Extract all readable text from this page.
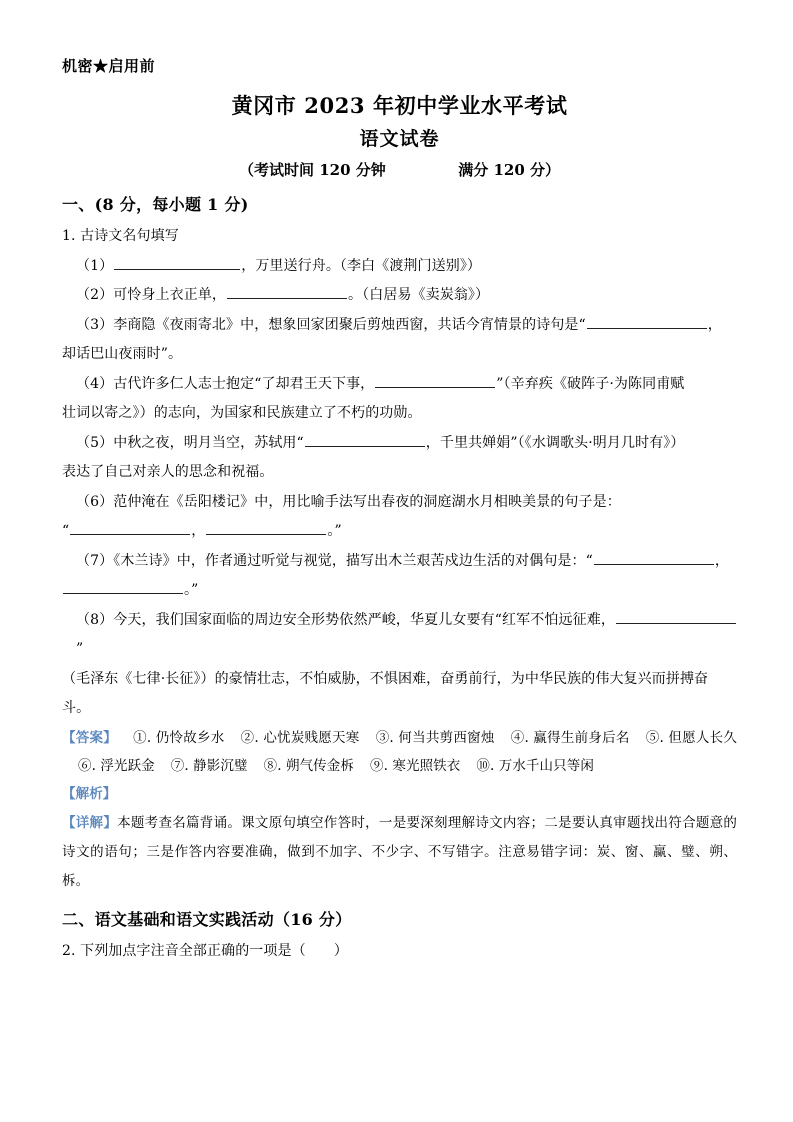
机密★启用前
黄冈市 2023 年初中学业水平考试
语文试卷
（考试时间 120 分钟	满分 120 分）
一、(8 分，每小题 1 分)
1. 古诗文名句填写
（1）	，万里送行舟。（李白《渡荆门送别》）
（2）可怜身上衣正单，	。（白居易《卖炭翁》）
（3）李商隐《夜雨寄北》中，想象回家团聚后剪烛西窗，共话今宵情景的诗句是“	，
却话巴山夜雨时”。
（4）古代许多仁人志士抱定“了却君王天下事，	”（辛弃疾《破阵子·为陈同甫赋
壮词以寄之》）的志向，为国家和民族建立了不朽的功勋。
（5）中秋之夜，明月当空，苏轼用“	，千里共婵娟”（《水调歌头·明月几时有》）
表达了自己对亲人的思念和祝福。
（6）范仲淹在《岳阳楼记》中，用比喻手法写出春夜的洞庭湖水月相映美景的句子是：
“	，	。”
（7）《木兰诗》中，作者通过听觉与视觉，描写出木兰艰苦戍边生活的对偶句是：“	，
。”
（8）今天，我们国家面临的周边安全形势依然严峻，华夏儿女要有“红军不怕远征难，”
（毛泽东《七律·长征》）的豪情壮志，不怕威胁，不惧困难，奋勇前行，为中华民族的伟大复兴而拼搏奋
斗。
【答案】 ①. 仍怜故乡水 ②. 心忧炭贱愿天寒 ③. 何当共剪西窗烛 ④. 赢得生前身后名 ⑤. 但愿人长久⑥. 浮光跃金 ⑦. 静影沉璧 ⑧. 朔气传金柝 ⑨. 寒光照铁衣 ⑩. 万水千山只等闲
【解析】
【详解】本题考查名篇背诵。课文原句填空作答时，一是要深刻理解诗文内容；二是要认真审题找出符合题意的诗文的语句；三是作答内容要准确，做到不加字、不少字、不写错字。注意易错字词：炭、窗、赢、璧、朔、柝。
二、语文基础和语文实践活动（16 分）
2. 下列加点字注音全部正确的一项是（　　）
